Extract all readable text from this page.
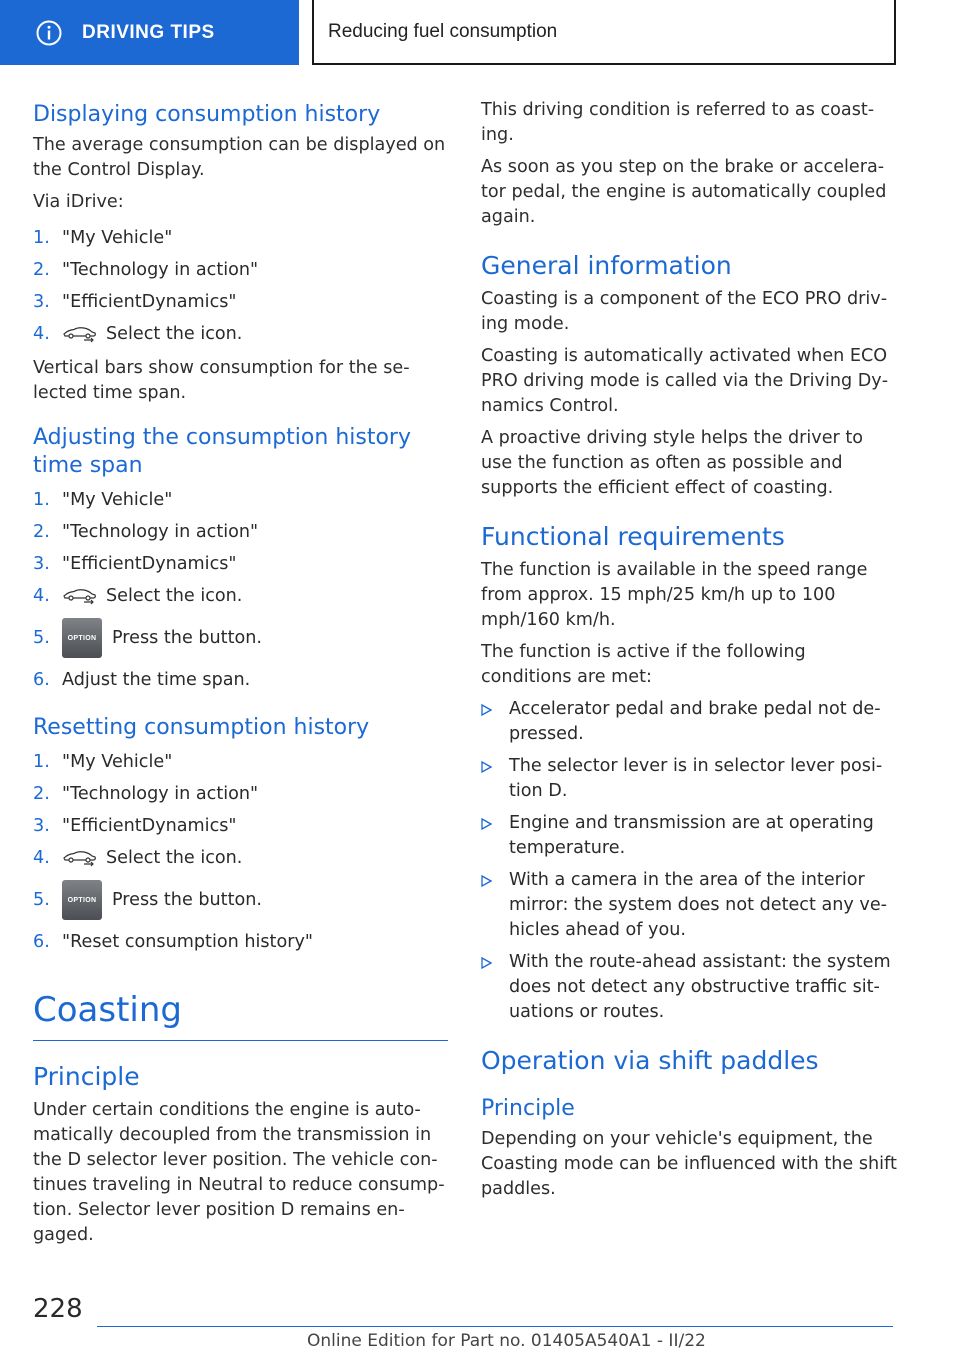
DRIVING TIPS	Reducing fuel consumption
Displaying consumption history

The average consumption can be displayed on the Control Display.

Via iDrive:

1. "My Vehicle"
2. "Technology in action"
3. "EfficientDynamics"
4.	Select the icon.

Vertical bars show consumption for the selected time span.

Adjusting the consumption history time span
1. "My Vehicle"
2. "Technology in action"
3. "EfficientDynamics"
4.	Select the icon.
5.	OPTION Press the button.
6. Adjust the time span.
Resetting consumption history
1. "My Vehicle"
2. "Technology in action"
3. "EfficientDynamics"
4.	Select the icon.
5.	OPTION Press the button.
6. "Reset consumption history"
Coasting
Principle

Under certain conditions the engine is automatically decoupled from the transmission in the D selector lever position. The vehicle continues traveling in Neutral to reduce consumption. Selector lever position D remains engaged.

This driving condition is referred to as coasting.

As soon as you step on the brake or accelerator pedal, the engine is automatically coupled again.

General information

Coasting is a component of the ECO PRO driving mode.

Coasting is automatically activated when ECO PRO driving mode is called via the Driving Dynamics Control.

A proactive driving style helps the driver to use the function as often as possible and supports the efficient effect of coasting.

Functional requirements

The function is available in the speed range from approx. 15 mph/25 km/h up to 100 mph/160 km/h.

The function is active if the following conditions are met:

Accelerator pedal and brake pedal not depressed.
The selector lever is in selector lever position D.
Engine and transmission are at operating temperature.
With a camera in the area of the interior mirror: the system does not detect any vehicles ahead of you.
With the route-ahead assistant: the system does not detect any obstructive traffic situations or routes.
Operation via shift paddles
Principle

Depending on your vehicle's equipment, the Coasting mode can be influenced with the shift paddles.

228
Online Edition for Part no. 01405A540A1 - II/22
